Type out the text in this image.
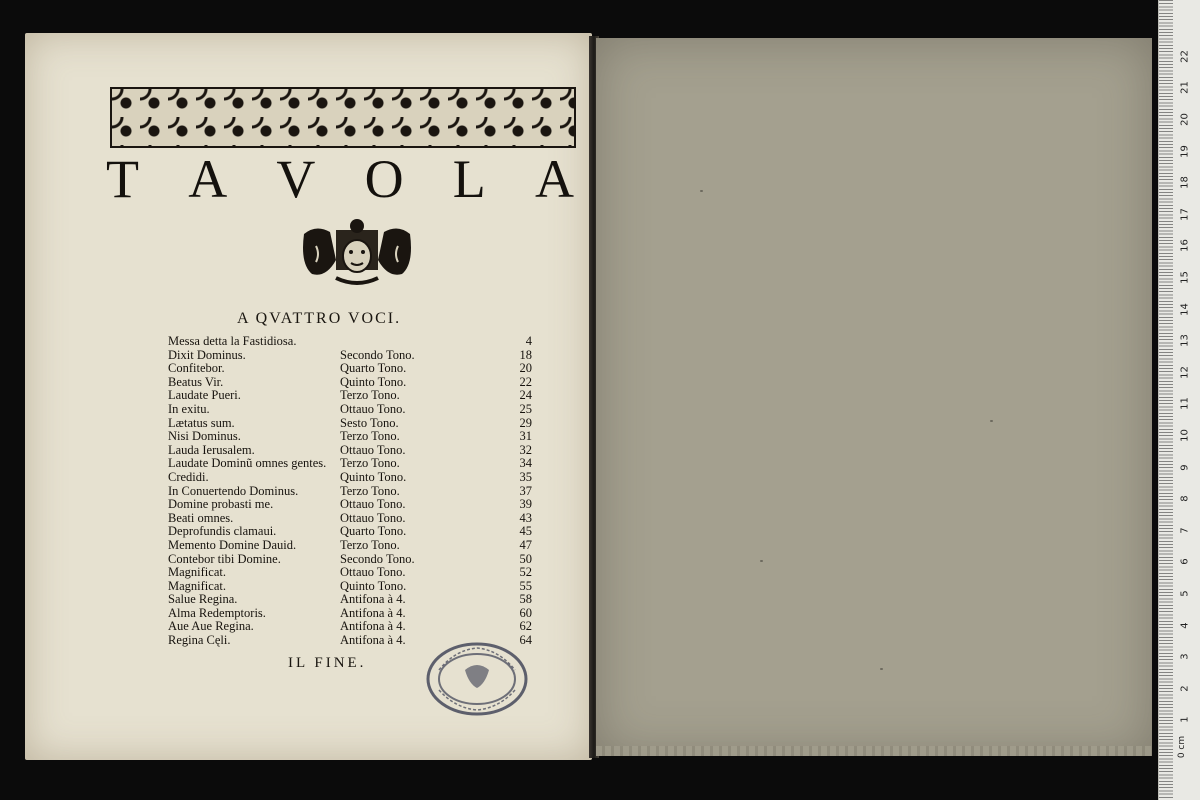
T A V O L A
A QVATTRO VOCI.
Messa detta la Fastidiosa.	4
Dixit Dominus.	Secondo Tono.	18
Confitebor.	Quarto Tono.	20
Beatus Vir.	Quinto Tono.	22
Laudate Pueri.	Terzo Tono.	24
In exitu.	Ottauo Tono.	25
Lætatus sum.	Sesto Tono.	29
Nisi Dominus.	Terzo Tono.	31
Lauda Ierusalem.	Ottauo Tono.	32
Laudate Dominũ omnes gentes. Terzo Tono.	34
Credidi.	Quinto Tono.	35
In Conuertendo Dominus.	Terzo Tono.	37
Domine probasti me.	Ottauo Tono.	39
Beati omnes.	Ottauo Tono.	43
Deprofundis clamaui.	Quarto Tono.	45
Memento Domine Dauid.	Terzo Tono.	47
Contebor tibi Domine.	Secondo Tono.	50
Magnificat.	Ottauo Tono.	52
Magnificat.	Quinto Tono.	55
Salue Regina.	Antifona à 4.	58
Alma Redemptoris.	Antifona à 4.	60
Aue Aue Regina.	Antifona à 4.	62
Regina Cęli.	Antifona à 4.	64
IL FINE.
0 cm
1
2
3
4
5
6
7
8
9
10
11
12
13
14
15
16
17
18
19
20
21
22
